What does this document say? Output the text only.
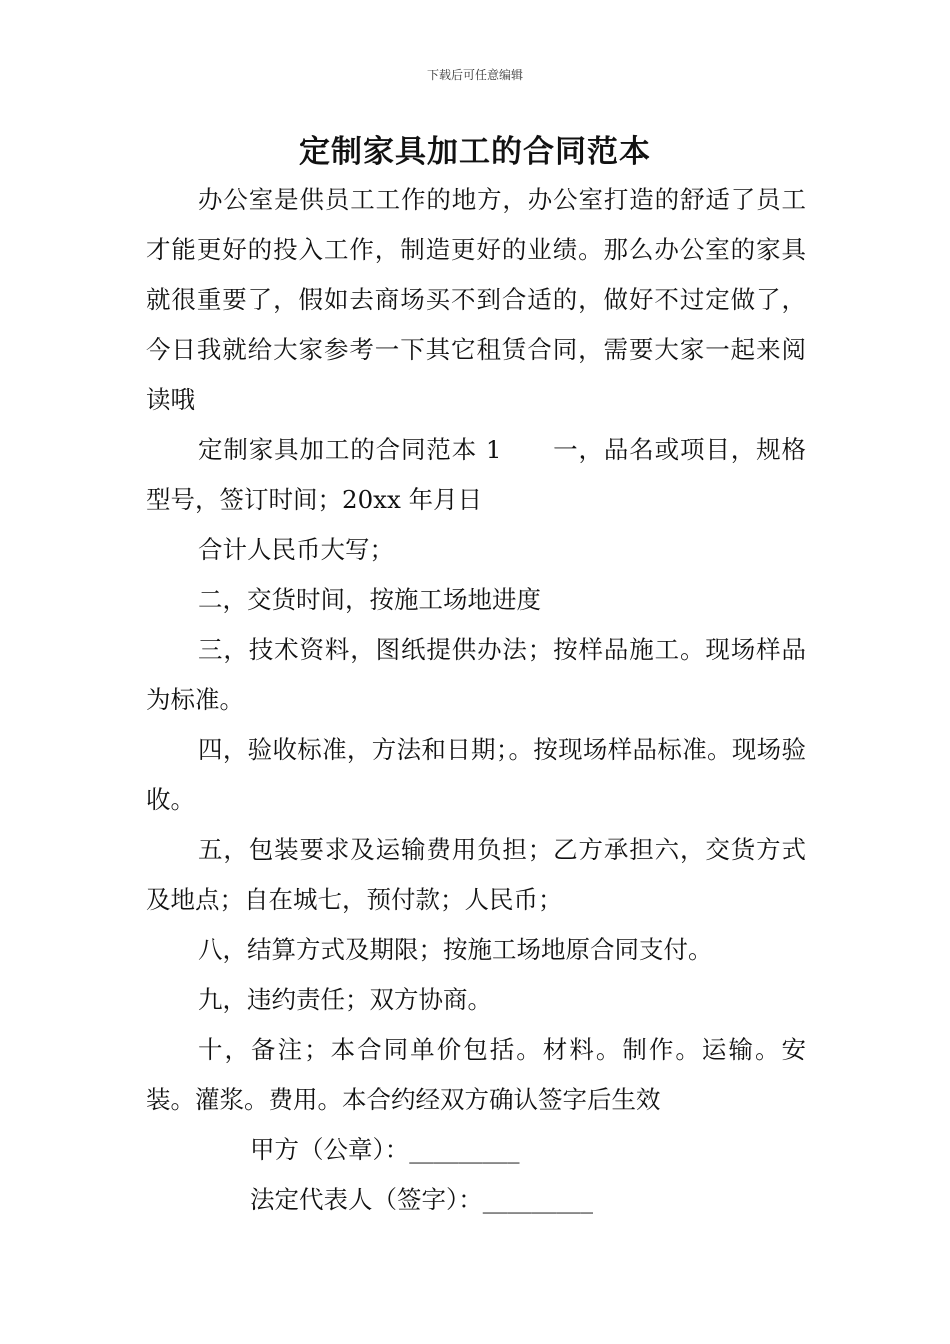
下载后可任意编辑
定制家具加工的合同范本

办公室是供员工工作的地方，办公室打造的舒适了员工才能更好的投入工作，制造更好的业绩。那么办公室的家具就很重要了，假如去商场买不到合适的，做好不过定做了，今日我就给大家参考一下其它租赁合同，需要大家一起来阅读哦

定制家具加工的合同范本 1　　一，品名或项目，规格型号，签订时间；20xx 年月日

合计人民币大写；

二，交货时间，按施工场地进度

三，技术资料，图纸提供办法；按样品施工。现场样品为标准。

四，验收标准，方法和日期；。按现场样品标准。现场验收。

五，包装要求及运输费用负担；乙方承担六，交货方式及地点；自在城七，预付款；人民币；

八，结算方式及期限；按施工场地原合同支付。

九，违约责任；双方协商。

十，备注；本合同单价包括。材料。制作。运输。安装。灌浆。费用。本合约经双方确认签字后生效

甲方（公章）：_________

法定代表人（签字）：_________
